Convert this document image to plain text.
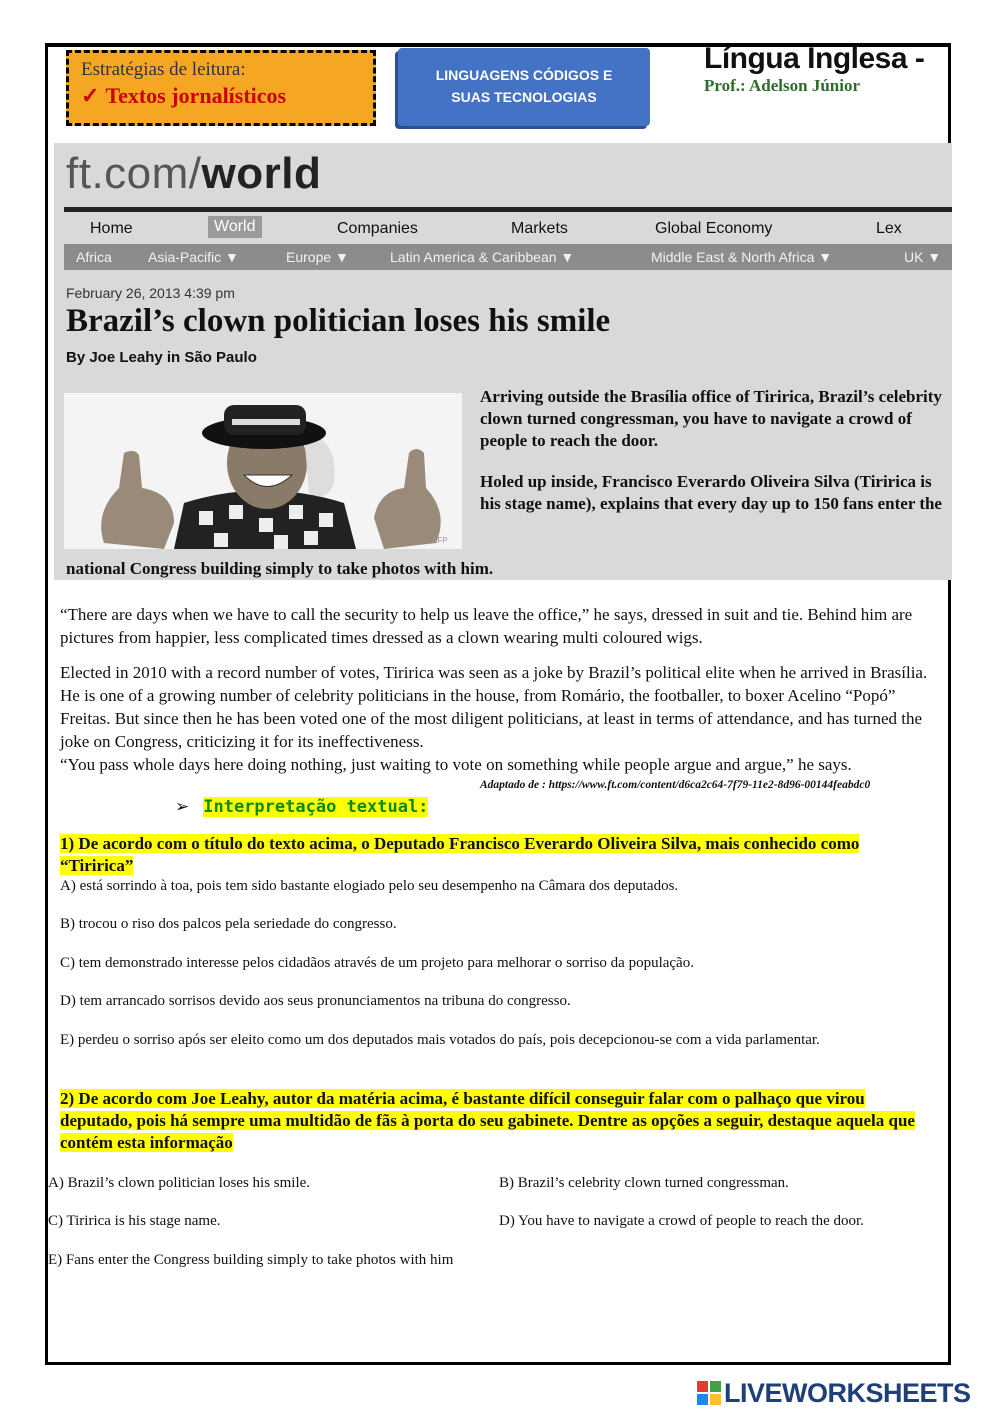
Estratégias de leitura:
✓ Textos jornalísticos
LINGUAGENS CÓDIGOS E
SUAS TECNOLOGIAS
Língua Inglesa -
Prof.: Adelson Júnior
ft.com/world
Home	World	Companies	Markets	Global Economy	Lex
Africa	Asia-Pacific ▼	Europe ▼	Latin America & Caribbean ▼	Middle East & North Africa ▼	UK ▼
February 26, 2013 4:39 pm
Brazil’s clown politician loses his smile
By Joe Leahy in São Paulo
AFP

Arriving outside the Brasília office of Tiririca, Brazil’s celebrity clown turned congressman, you have to navigate a crowd of people to reach the door.

Holed up inside, Francisco Everardo Oliveira Silva (Tiririca is his stage name), explains that every day up to 150 fans enter the

national Congress building simply to take photos with him.

“There are days when we have to call the security to help us leave the office,” he says, dressed in suit and tie. Behind him are pictures from happier, less complicated times dressed as a clown wearing multi coloured wigs.

Elected in 2010 with a record number of votes, Tiririca was seen as a joke by Brazil’s political elite when he arrived in Brasília. He is one of a growing number of celebrity politicians in the house, from Romário, the footballer, to boxer Acelino “Popó” Freitas. But since then he has been voted one of the most diligent politicians, at least in terms of attendance, and has turned the joke on Congress, criticizing it for its ineffectiveness.

“You pass whole days here doing nothing, just waiting to vote on something while people argue and argue,” he says.

Adaptado de : https://www.ft.com/content/d6ca2c64-7f79-11e2-8d96-00144feabdc0
➢ Interpretação textual:
1) De acordo com o título do texto acima, o Deputado Francisco Everardo Oliveira Silva, mais conhecido como “Tiririca”
A) está sorrindo à toa, pois tem sido bastante elogiado pelo seu desempenho na Câmara dos deputados.
B) trocou o riso dos palcos pela seriedade do congresso.
C) tem demonstrado interesse pelos cidadãos através de um projeto para melhorar o sorriso da população.
D) tem arrancado sorrisos devido aos seus pronunciamentos na tribuna do congresso.
E) perdeu o sorriso após ser eleito como um dos deputados mais votados do país, pois decepcionou-se com a vida parlamentar.
2) De acordo com Joe Leahy, autor da matéria acima, é bastante difícil conseguir falar com o palhaço que virou deputado, pois há sempre uma multidão de fãs à porta do seu gabinete. Dentre as opções a seguir, destaque aquela que contém esta informação
A) Brazil’s clown politician loses his smile.	B) Brazil’s celebrity clown turned congressman.
C) Tiririca is his stage name.	D) You have to navigate a crowd of people to reach the door.
E) Fans enter the Congress building simply to take photos with him
LIVEWORKSHEETS
